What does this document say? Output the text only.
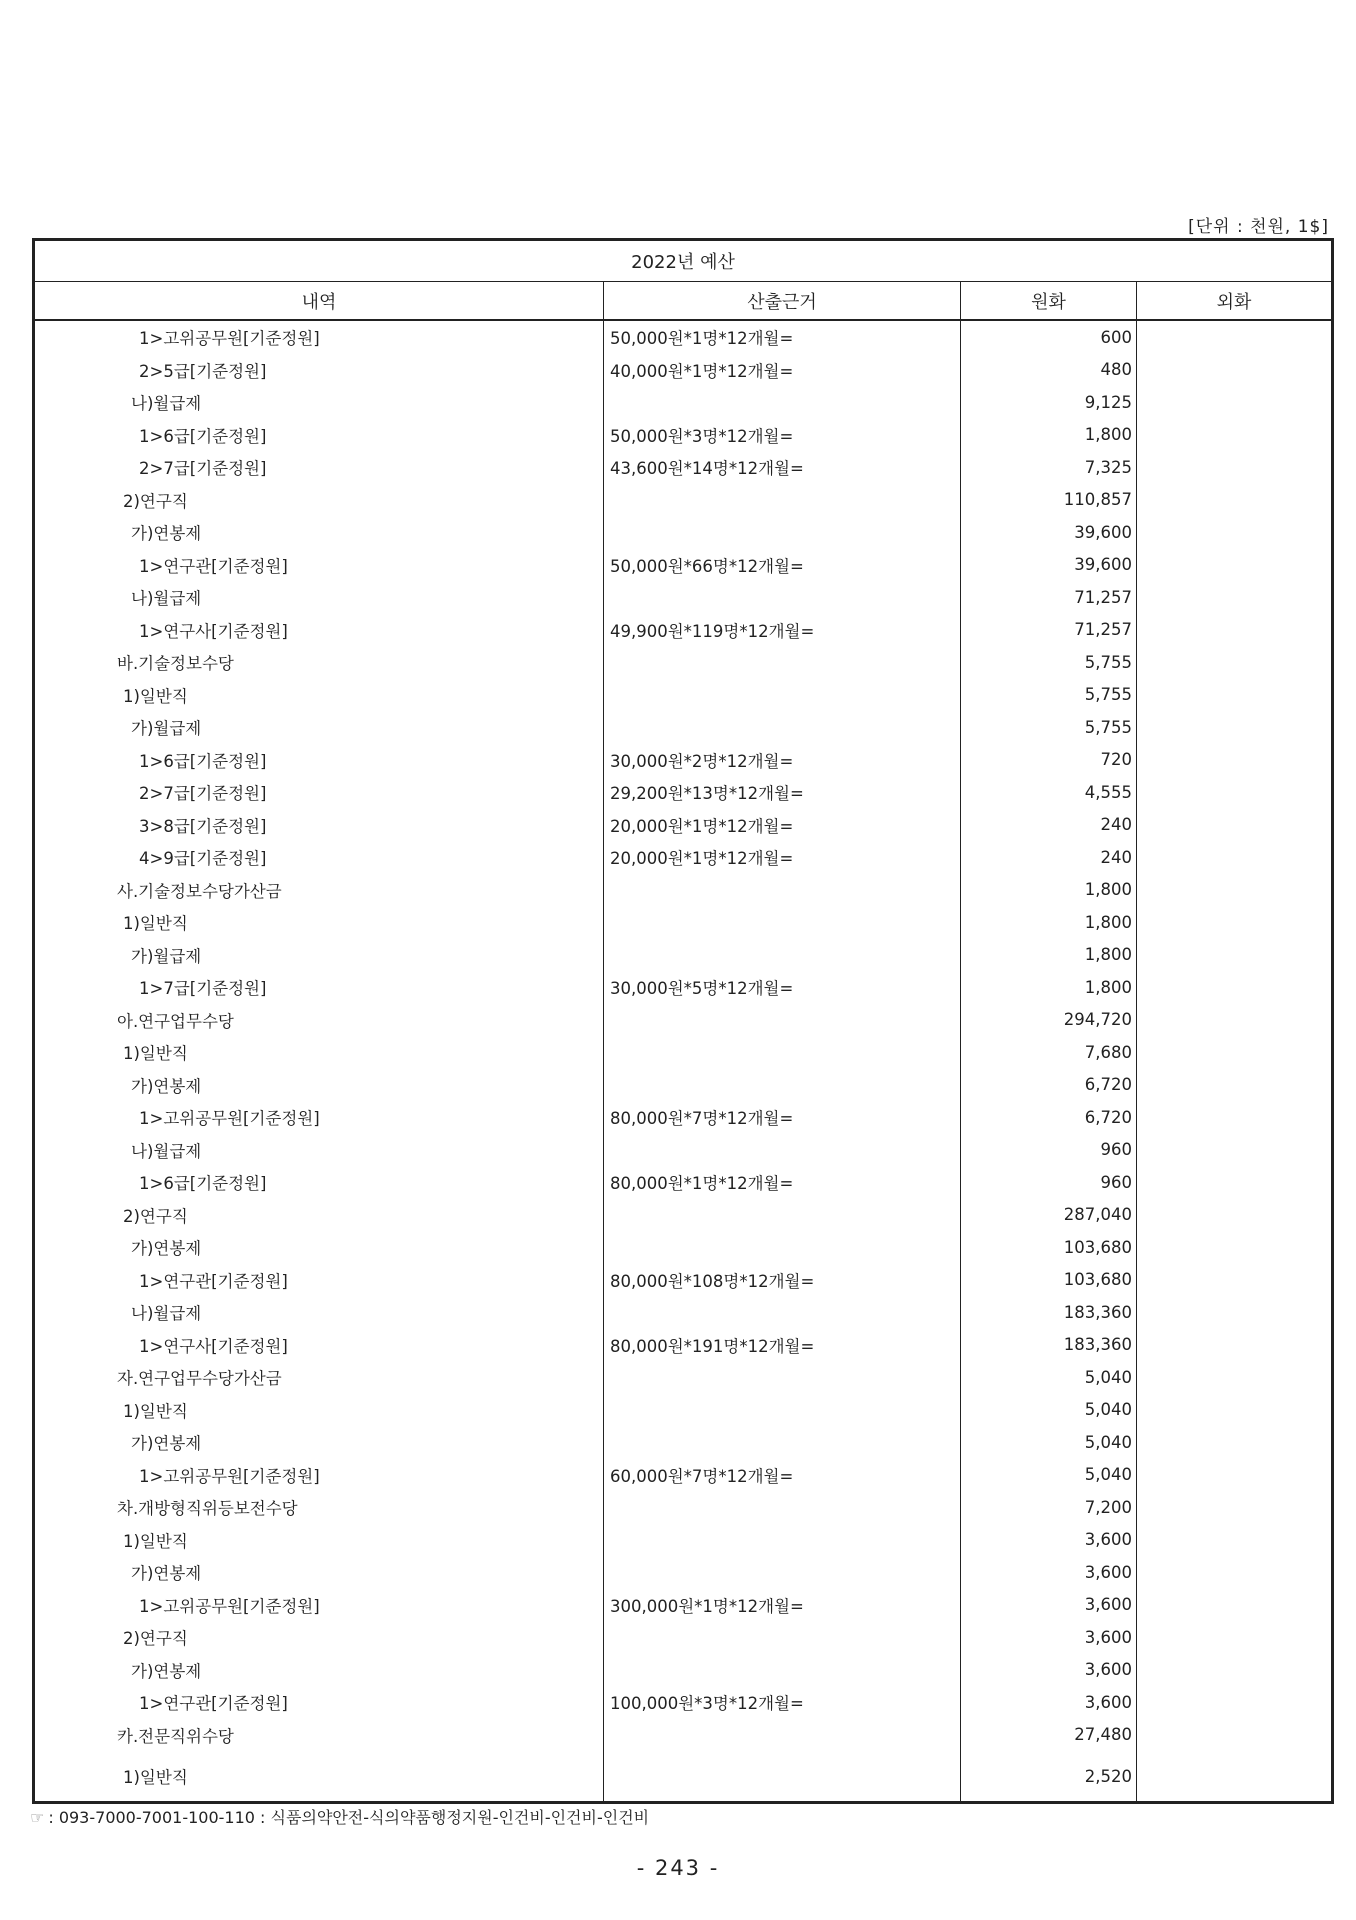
[단위 : 천원, 1$]
2022년 예산			
내역	산출근거	원화	외화
1>고위공무원[기준정원]	50,000원*1명*12개월=	600	
2>5급[기준정원]	40,000원*1명*12개월=	480	
나)월급제		9,125	
1>6급[기준정원]	50,000원*3명*12개월=	1,800	
2>7급[기준정원]	43,600원*14명*12개월=	7,325	
2)연구직		110,857	
가)연봉제		39,600	
1>연구관[기준정원]	50,000원*66명*12개월=	39,600	
나)월급제		71,257	
1>연구사[기준정원]	49,900원*119명*12개월=	71,257	
바.기술정보수당		5,755	
1)일반직		5,755	
가)월급제		5,755	
1>6급[기준정원]	30,000원*2명*12개월=	720	
2>7급[기준정원]	29,200원*13명*12개월=	4,555	
3>8급[기준정원]	20,000원*1명*12개월=	240	
4>9급[기준정원]	20,000원*1명*12개월=	240	
사.기술정보수당가산금		1,800	
1)일반직		1,800	
가)월급제		1,800	
1>7급[기준정원]	30,000원*5명*12개월=	1,800	
아.연구업무수당		294,720	
1)일반직		7,680	
가)연봉제		6,720	
1>고위공무원[기준정원]	80,000원*7명*12개월=	6,720	
나)월급제		960	
1>6급[기준정원]	80,000원*1명*12개월=	960	
2)연구직		287,040	
가)연봉제		103,680	
1>연구관[기준정원]	80,000원*108명*12개월=	103,680	
나)월급제		183,360	
1>연구사[기준정원]	80,000원*191명*12개월=	183,360	
자.연구업무수당가산금		5,040	
1)일반직		5,040	
가)연봉제		5,040	
1>고위공무원[기준정원]	60,000원*7명*12개월=	5,040	
차.개방형직위등보전수당		7,200	
1)일반직		3,600	
가)연봉제		3,600	
1>고위공무원[기준정원]	300,000원*1명*12개월=	3,600	
2)연구직		3,600	
가)연봉제		3,600	
1>연구관[기준정원]	100,000원*3명*12개월=	3,600	
카.전문직위수당		27,480	
1)일반직		2,520	
☞ : 093-7000-7001-100-110 : 식품의약안전-식의약품행정지원-인건비-인건비-인건비
- 243 -
